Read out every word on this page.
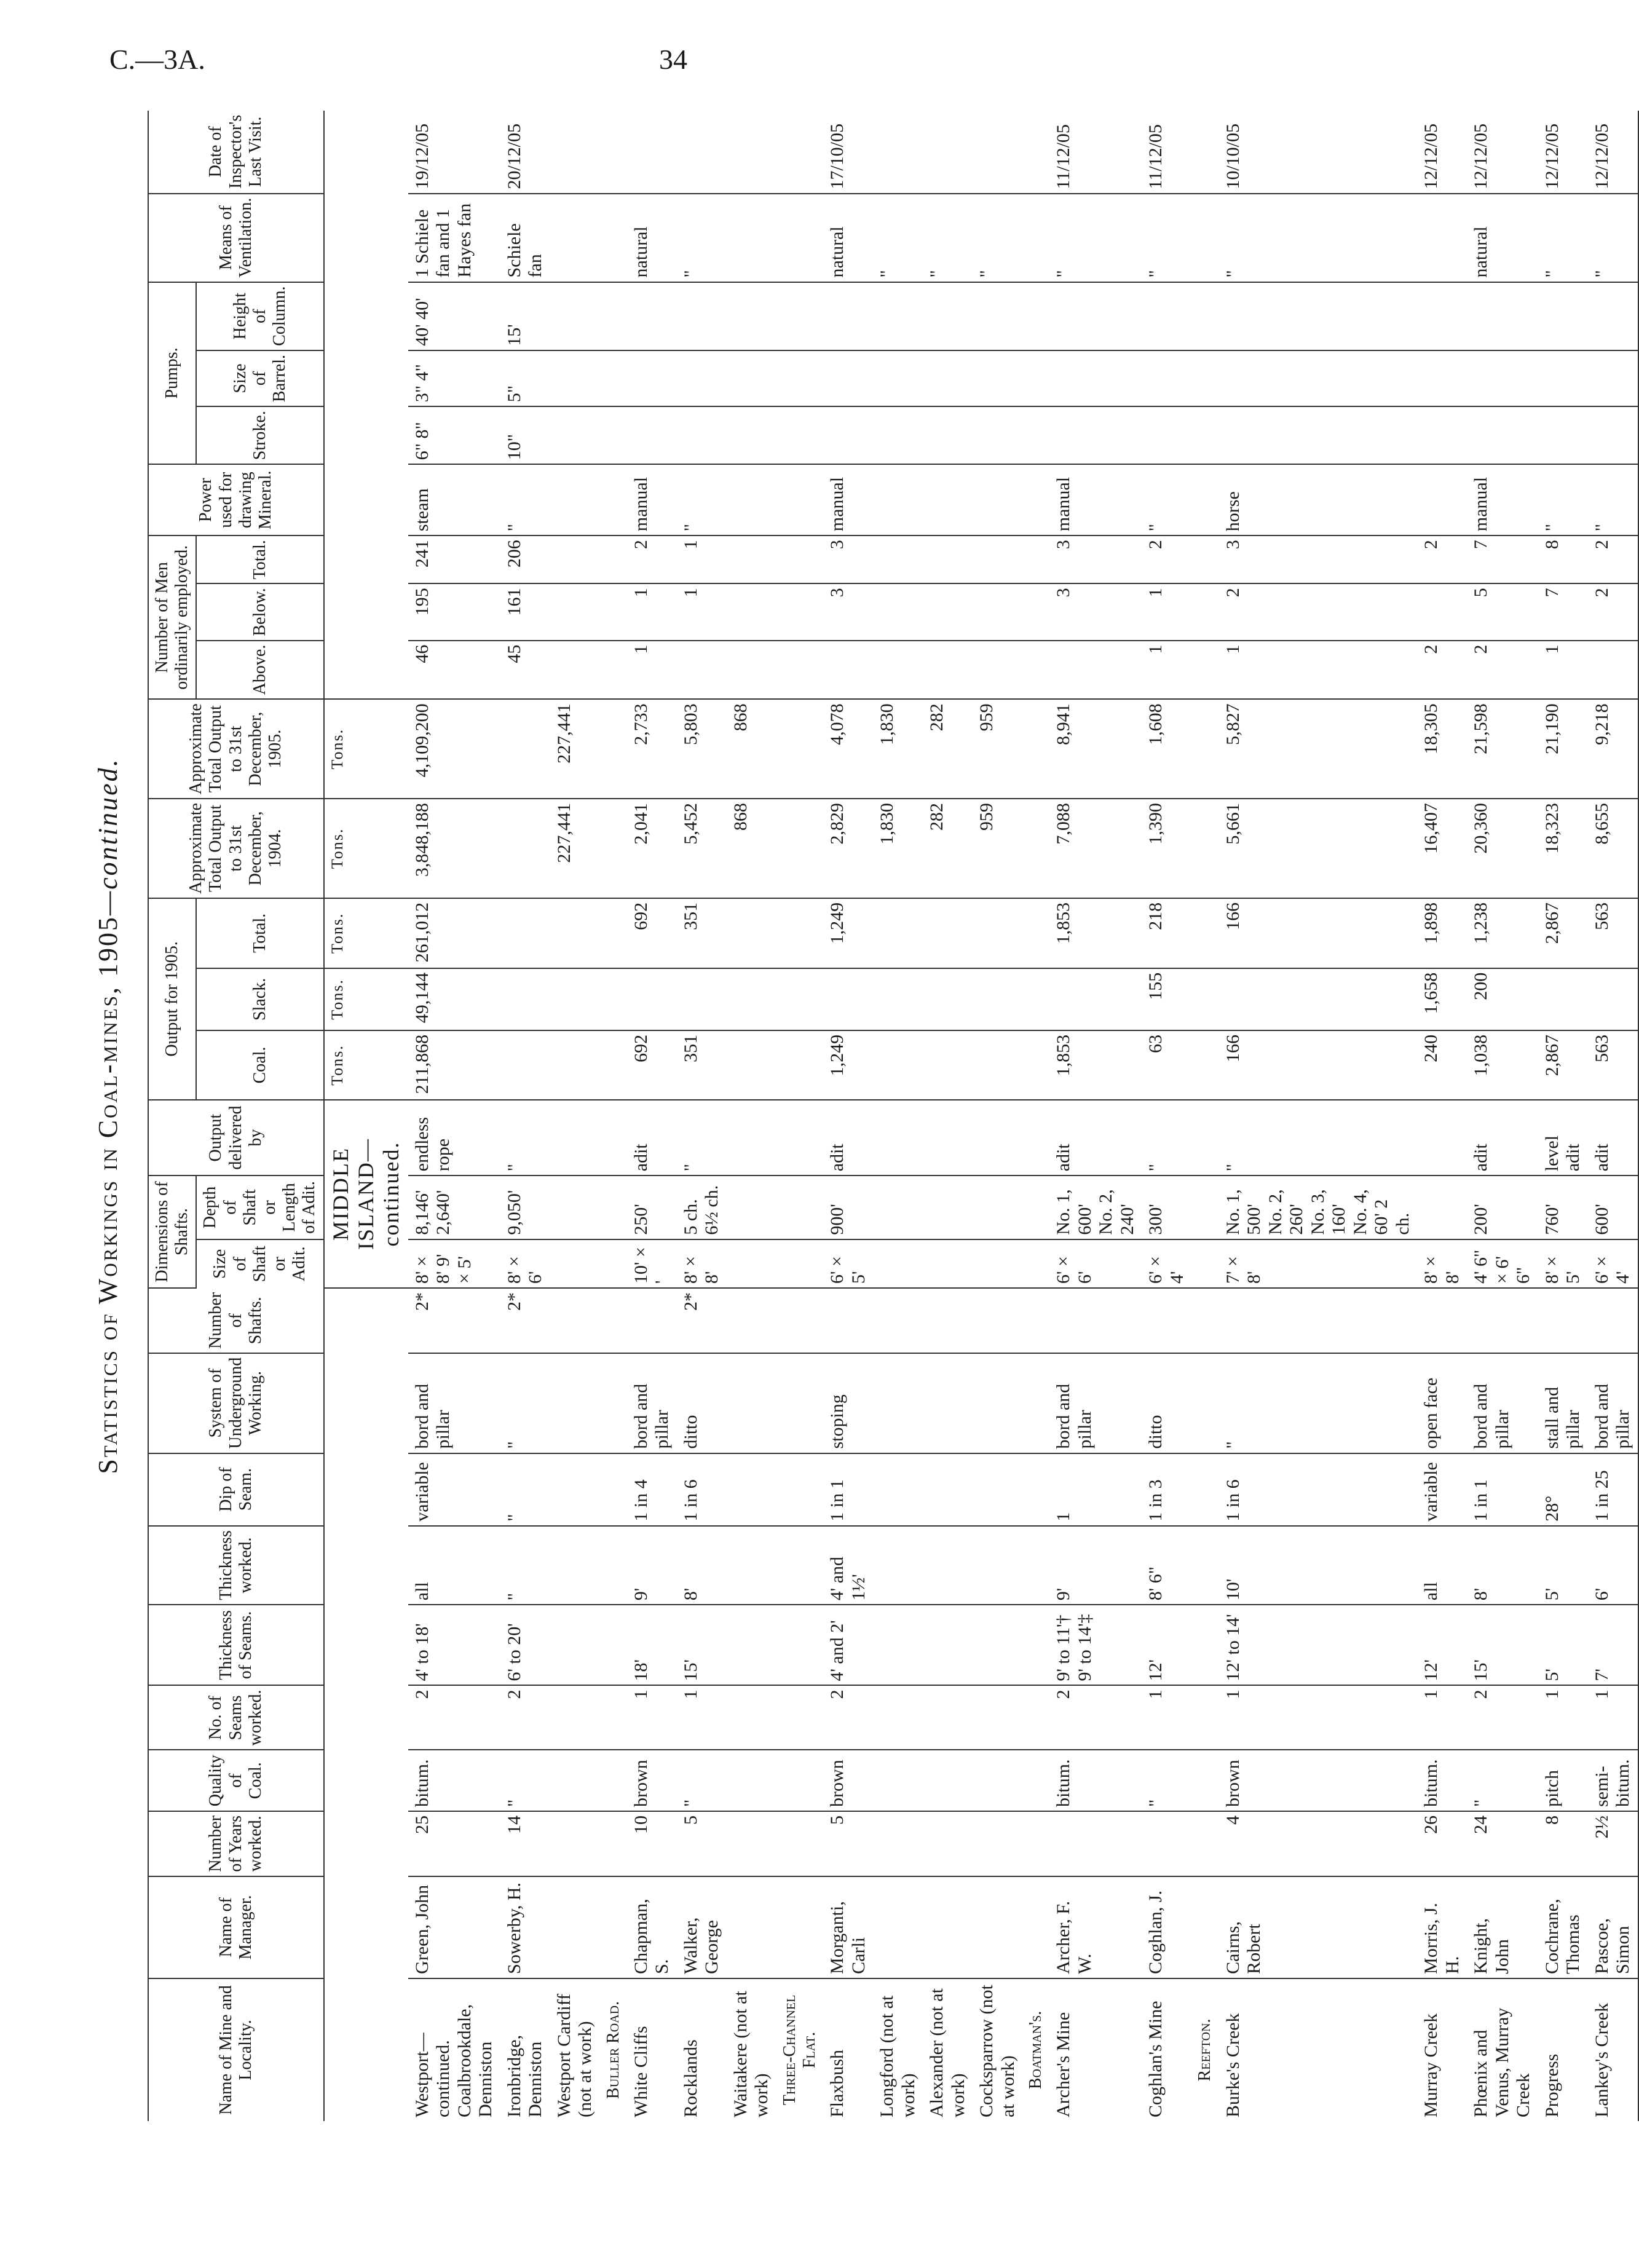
C.—3A.	34
Statistics of Workings in Coal-mines, 1905—continued.
Name of Mine and Locality.	Name of Manager.	Number of Years worked.	Quality of Coal.	No. of Seams worked.	Thickness of Seams.	Thickness worked.	Dip of Seam.	System of Underground Working.	Number of Shafts.	Dimensions of Shafts.		Output delivered by	Output for 1905.			Approximate Total Output to 31st December, 1904.	Approximate Total Output to 31st December, 1905.	Number of Men ordinarily employed.			Power used for drawing Mineral.	Pumps.			Means of Ventilation.	Date of Inspector's Last Visit.
										Size of Shaft or Adit.	Depth of Shaft or Length of Adit.		Coal.	Slack.	Total.			Above.	Below.	Total.		Stroke.	Size of Barrel.	Height of Column.		
										MIDDLE ISLAND—continued.			Tons.	Tons.	Tons.	Tons.	Tons.									
Westport—continued. Coalbrookdale, Denniston	Green, John	25	bitum.	2	4' to 18'	all	variable	bord and pillar	2*	8' × 8' 9' × 5'	8,146' 2,640'	endless rope	211,868	49,144	261,012	3,848,188	4,109,200	46	195	241	steam	6" 8"	3" 4"	40' 40'	1 Schiele fan and 1 Hayes fan	19/12/05
Ironbridge, Denniston	Sowerby, H.	14	"	2	6' to 20'	"	"	"	2*	8' × 6'	9,050'	"						45	161	206	"	10"	5"	15'	Schiele fan	20/12/05
Westport Cardiff (not at work)																227,441	227,441									
Buller Road.																										
White Cliffs	Chapman, S.	10	brown	1	18'	9'	1 in 4	bord and pillar		10' × '	250'	adit	692		692	2,041	2,733	1	1	2	manual				natural	
Rocklands	Walker, George	5	"	1	15'	8'	1 in 6	ditto	2*	8' × 8'	5 ch. 6½ ch.	"	351		351	5,452	5,803		1	1	"				"	
Waitakere (not at work)																868	868									
Three-Channel Flat.																										
Flaxbush	Morganti, Carli	5	brown	2	4' and 2'	4' and 1½'	1 in 1	stoping		6' × 5'	900'	adit	1,249		1,249	2,829	4,078		3	3	manual				natural	17/10/05
Longford (not at work)																1,830	1,830								"	
Alexander (not at work)																282	282								"	
Cocksparrow (not at work)																959	959								"	
Boatman's.																										
Archer's Mine	Archer, F. W.		bitum.	2	9' to 11'† 9' to 14'‡	9'	1	bord and pillar		6' × 6'	No. 1, 600' No. 2, 240'	adit	1,853		1,853	7,088	8,941		3	3	manual				"	11/12/05
Coghlan's Mine	Coghlan, J.		"	1	12'	8' 6"	1 in 3	ditto		6' × 4'	300'	"	63	155	218	1,390	1,608	1	1	2	"				"	11/12/05
Reefton.																										
Burke's Creek	Cairns, Robert	4	brown	1	12' to 14'	10'	1 in 6	"		7' × 8'	No. 1, 500' No. 2, 260' No. 3, 160' No. 4, 60' 2 ch.	"	166		166	5,661	5,827	1	2	3	horse				"	10/10/05
Murray Creek	Morris, J. H.	26	bitum.	1	12'	all	variable	open face		8' × 8'			240	1,658	1,898	16,407	18,305	2		2						12/12/05
Phœnix and Venus, Murray Creek	Knight, John	24	"	2	15'	8'	1 in 1	bord and pillar		4' 6" × 6' 6"	200'	adit	1,038	200	1,238	20,360	21,598	2	5	7	manual				natural	12/12/05
Progress	Cochrane, Thomas	8	pitch	1	5'	5'	28°	stall and pillar		8' × 5'	760'	level adit	2,867		2,867	18,323	21,190	1	7	8	"				"	12/12/05
Lankey's Creek	Pascoe, Simon	2½	semi-bitum.	1	7'	6'	1 in 25	bord and pillar		6' × 4'	600'	adit	563		563	8,655	9,218		2	2	"				"	12/12/05
